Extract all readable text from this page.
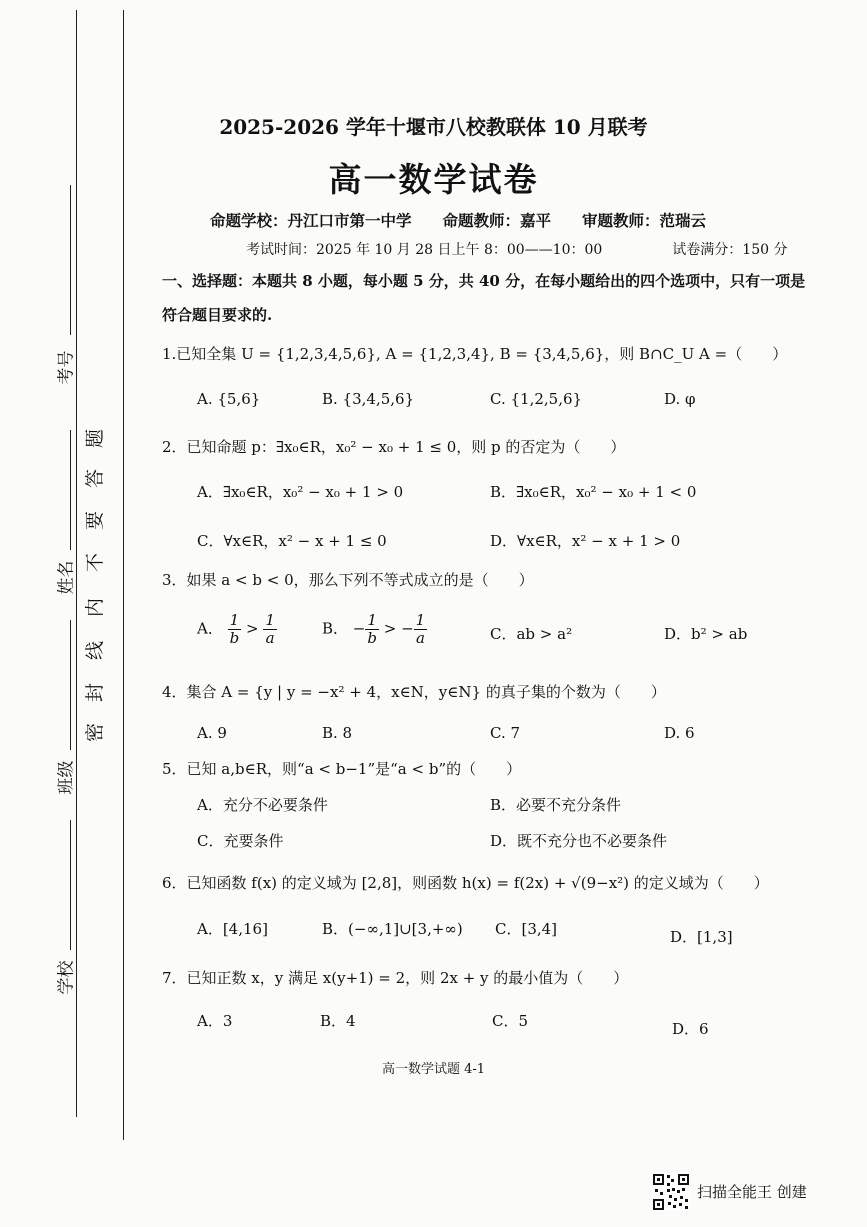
考号
姓名
班级
学校
题
答
要
不
内
线
封
密
2025-2026 学年十堰市八校教联体 10 月联考
高一数学试卷
命题学校：丹江口市第一中学　　命题教师：嘉平　　审题教师：范瑞云
考试时间：2025 年 10 月 28 日上午 8：00——10：00　　　　　试卷满分：150 分
一、选择题：本题共 8 小题，每小题 5 分，共 40 分，在每小题给出的四个选项中，只有一项是
符合题目要求的.
1.已知全集 U = {1,2,3,4,5,6}, A = {1,2,3,4}, B = {3,4,5,6}，则 B∩C_U A =（　　）
A. {5,6}	B. {3,4,5,6}	C. {1,2,5,6}	D. φ
2．已知命题 p：∃x₀∈R，x₀² − x₀ + 1 ≤ 0，则 p 的否定为（　　）
A．∃x₀∈R，x₀² − x₀ + 1 > 0	B．∃x₀∈R，x₀² − x₀ + 1 < 0
C．∀x∈R，x² − x + 1 ≤ 0	D．∀x∈R，x² − x + 1 > 0
3．如果 a < b < 0，那么下列不等式成立的是（　　）
A． $\frac{1}{b} > \frac{1}{a}$	B． − $\frac{1}{b}$ > − $\frac{1}{a}$	C．ab > a²	D．b² > ab
4．集合 A = {y | y = −x² + 4，x∈N，y∈N} 的真子集的个数为（　　）
A. 9	B. 8	C. 7	D. 6
5．已知 a,b∈R，则“a < b−1”是“a < b”的（　　）
A．充分不必要条件	B．必要不充分条件
C．充要条件	D．既不充分也不必要条件
6．已知函数 f(x) 的定义域为 [2,8]，则函数 h(x) = f(2x) + √(9−x²) 的定义域为（　　）
A．[4,16]	B．(−∞,1]∪[3,+∞) C．[3,4]	D．[1,3]
7．已知正数 x，y 满足 x(y+1) = 2，则 2x + y 的最小值为（　　）
A．3	B．4	C．5	D．6
高一数学试题 4-1
扫描全能王 创建
